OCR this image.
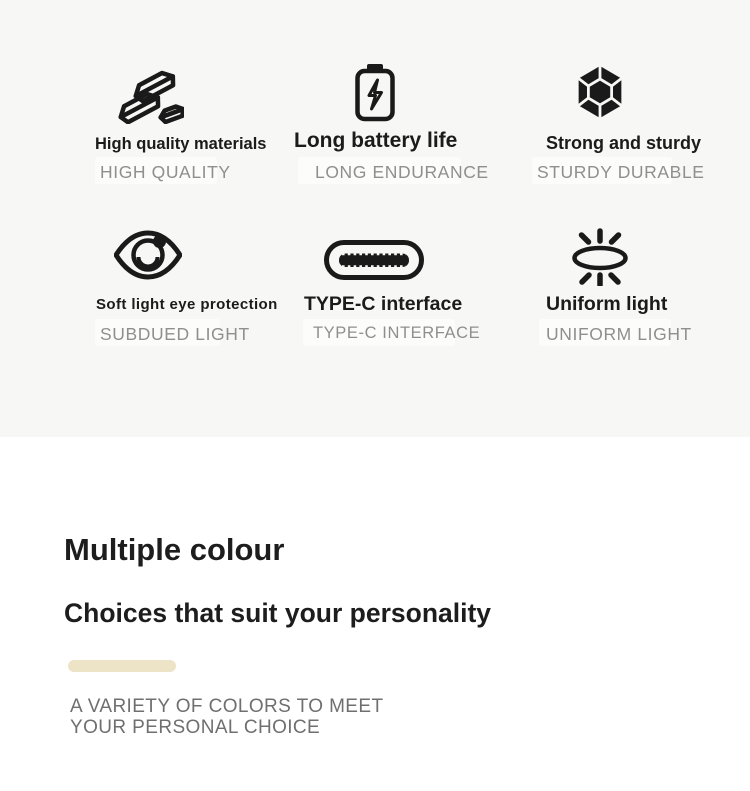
High quality materials
HIGH QUALITY
Long battery life
LONG ENDURANCE
Strong and sturdy
STURDY DURABLE
Soft light eye protection
SUBDUED LIGHT
TYPE-C interface
TYPE-C INTERFACE
Uniform light
UNIFORM LIGHT
Multiple colour
Choices that suit your personality
A VARIETY OF COLORS TO MEET
YOUR PERSONAL CHOICE
